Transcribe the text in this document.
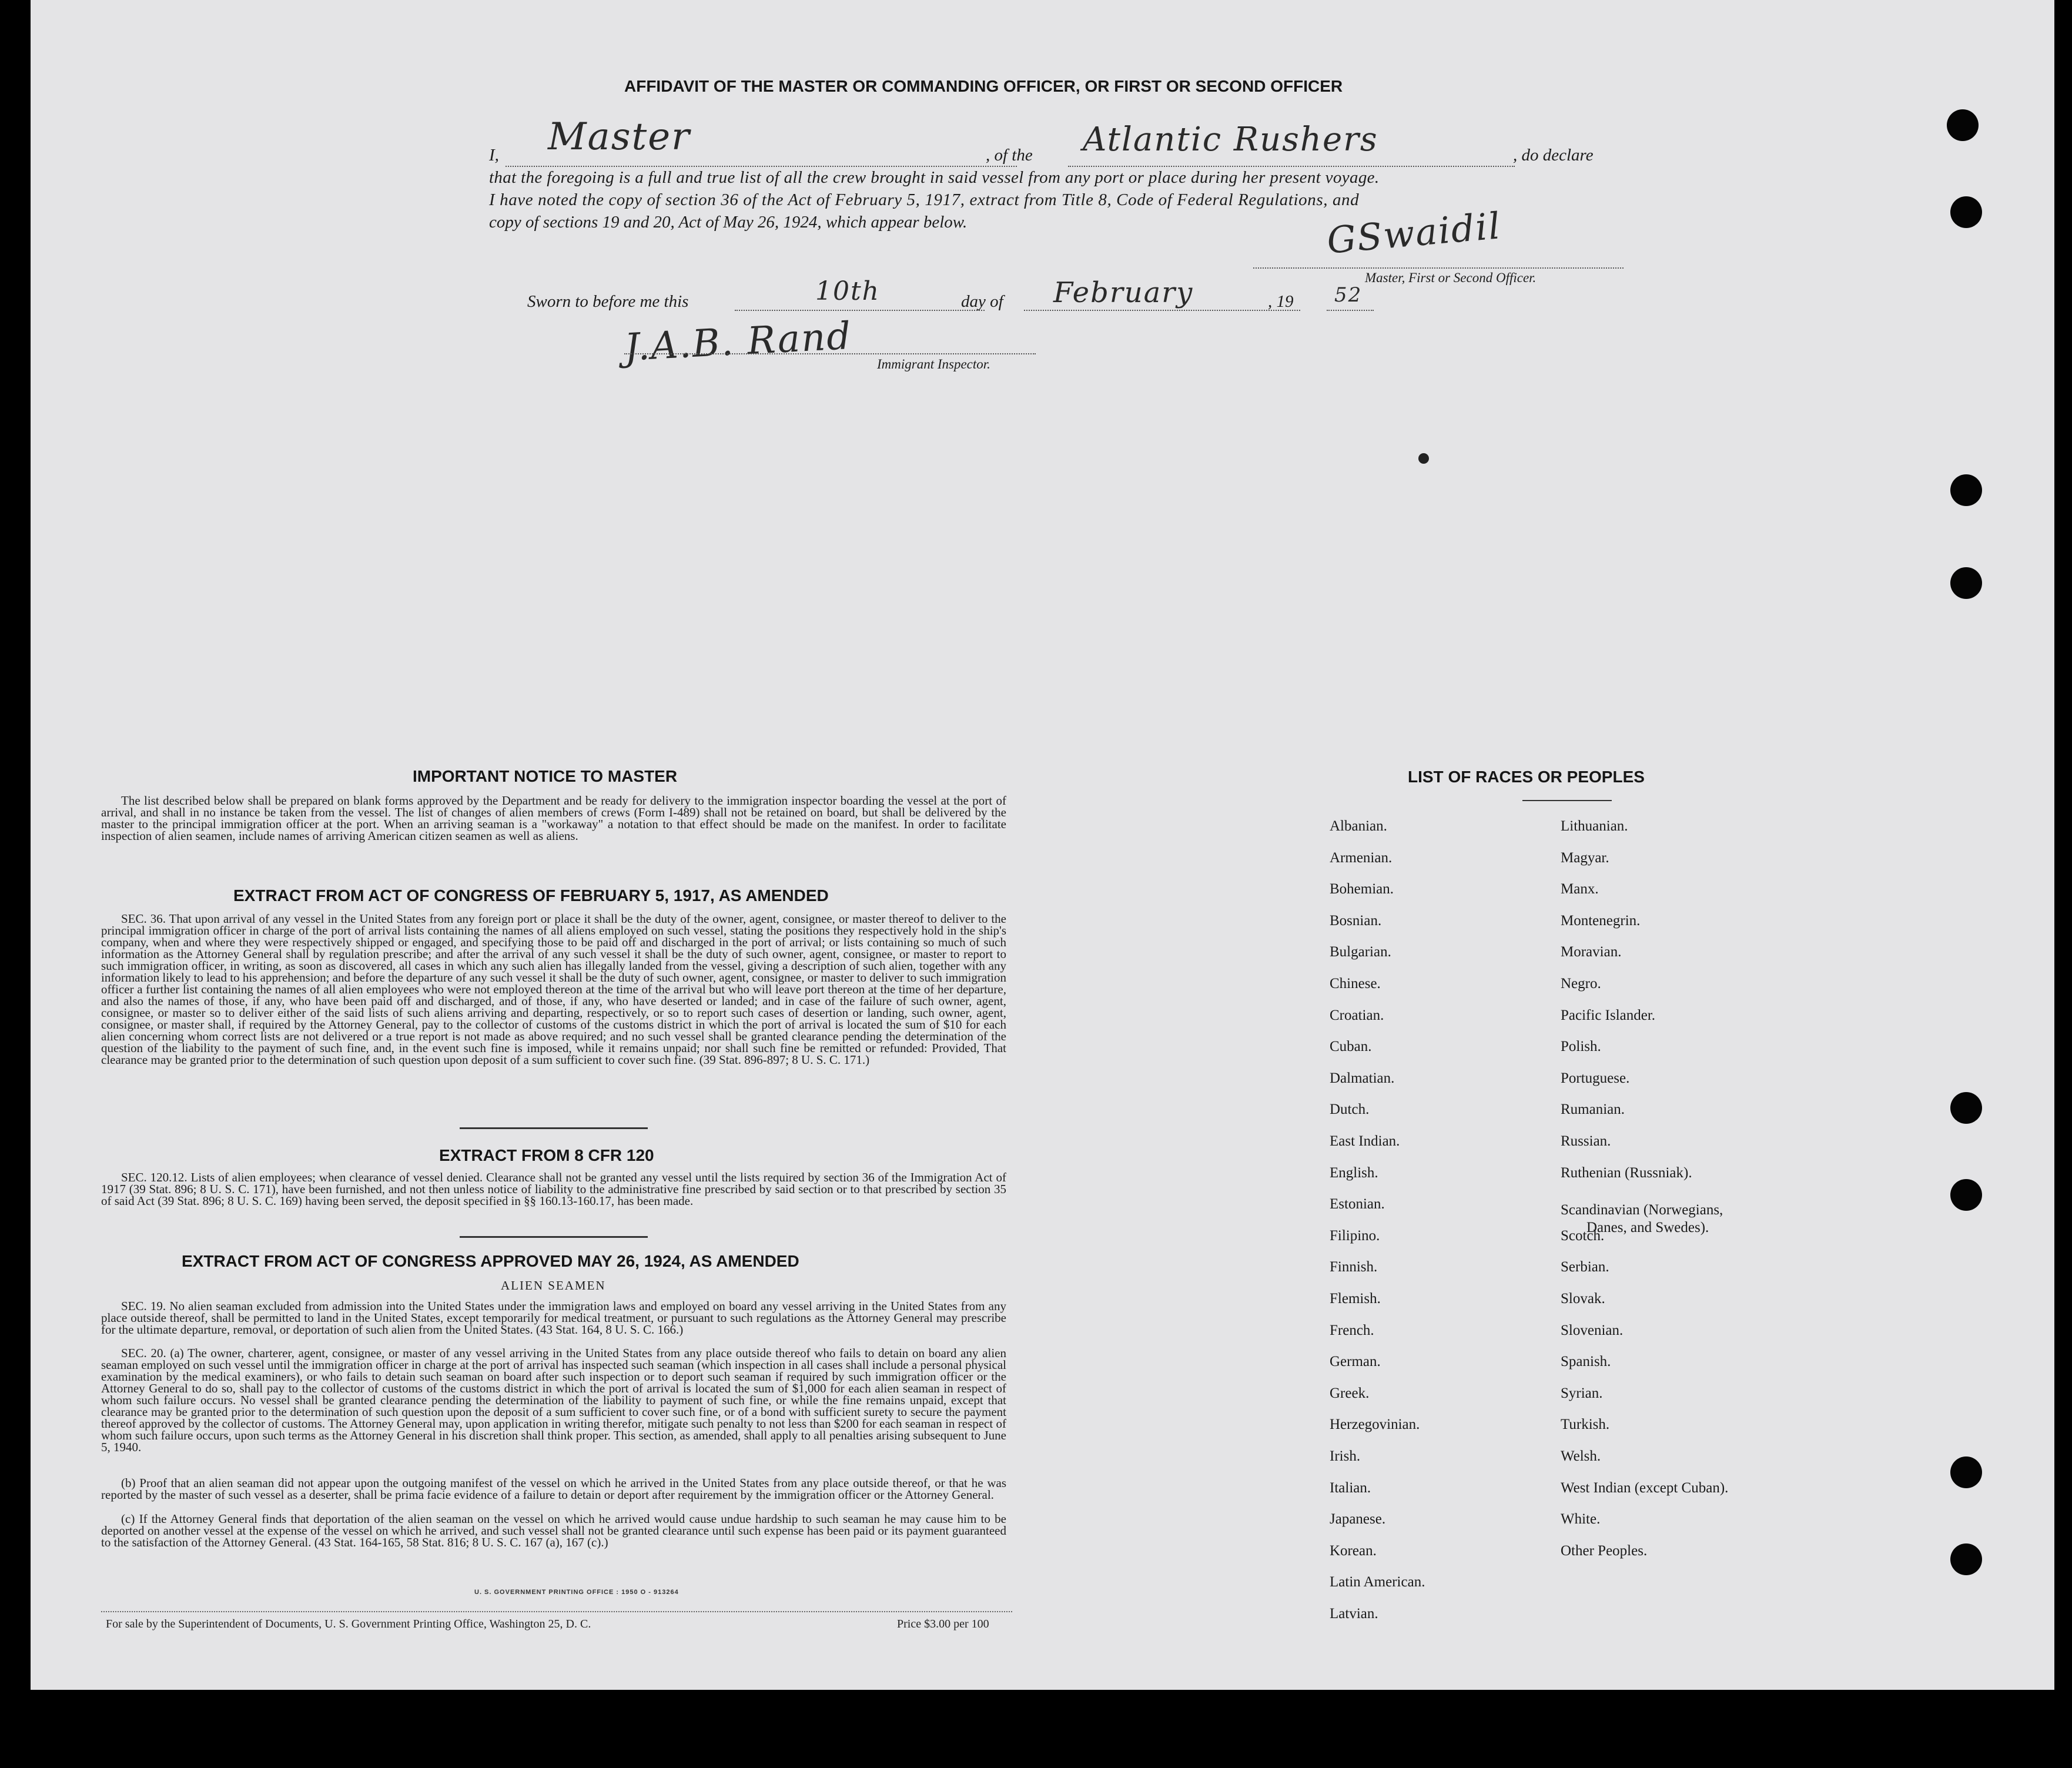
AFFIDAVIT OF THE MASTER OR COMMANDING OFFICER, OR FIRST OR SECOND OFFICER
I, Master	, of the Atlantic Rushers	, do declare
that the foregoing is a full and true list of all the crew brought in said vessel from any port or place during her present voyage.
I have noted the copy of section 36 of the Act of February 5, 1917, extract from Title 8, Code of Federal Regulations, and
copy of sections 19 and 20, Act of May 26, 1924, which appear below.	GSwaidil
Master, First or Second Officer.
Sworn to before me this	10th	day of February	, 19 52
J.A.B. Rand Immigrant Inspector.
IMPORTANT NOTICE TO MASTER
The list described below shall be prepared on blank forms approved by the Department and be ready for delivery to the immigration inspector boarding the vessel at the port of arrival, and shall in no instance be taken from the vessel. The list of changes of alien members of crews (Form I-489) shall not be retained on board, but shall be delivered by the master to the principal immigration officer at the port. When an arriving seaman is a "workaway" a notation to that effect should be made on the manifest. In order to facilitate inspection of alien seamen, include names of arriving American citizen seamen as well as aliens.
EXTRACT FROM ACT OF CONGRESS OF FEBRUARY 5, 1917, AS AMENDED
SEC. 36. That upon arrival of any vessel in the United States from any foreign port or place it shall be the duty of the owner, agent, consignee, or master thereof to deliver to the principal immigration officer in charge of the port of arrival lists containing the names of all aliens employed on such vessel, stating the positions they respectively hold in the ship's company, when and where they were respectively shipped or engaged, and specifying those to be paid off and discharged in the port of arrival; or lists containing so much of such information as the Attorney General shall by regulation prescribe; and after the arrival of any such vessel it shall be the duty of such owner, agent, consignee, or master to report to such immigration officer, in writing, as soon as discovered, all cases in which any such alien has illegally landed from the vessel, giving a description of such alien, together with any information likely to lead to his apprehension; and before the departure of any such vessel it shall be the duty of such owner, agent, consignee, or master to deliver to such immigration officer a further list containing the names of all alien employees who were not employed thereon at the time of the arrival but who will leave port thereon at the time of her departure, and also the names of those, if any, who have been paid off and discharged, and of those, if any, who have deserted or landed; and in case of the failure of such owner, agent, consignee, or master so to deliver either of the said lists of such aliens arriving and departing, respectively, or so to report such cases of desertion or landing, such owner, agent, consignee, or master shall, if required by the Attorney General, pay to the collector of customs of the customs district in which the port of arrival is located the sum of $10 for each alien concerning whom correct lists are not delivered or a true report is not made as above required; and no such vessel shall be granted clearance pending the determination of the question of the liability to the payment of such fine, and, in the event such fine is imposed, while it remains unpaid; nor shall such fine be remitted or refunded: Provided, That clearance may be granted prior to the determination of such question upon deposit of a sum sufficient to cover such fine. (39 Stat. 896-897; 8 U. S. C. 171.)
EXTRACT FROM 8 CFR 120
SEC. 120.12. Lists of alien employees; when clearance of vessel denied. Clearance shall not be granted any vessel until the lists required by section 36 of the Immigration Act of 1917 (39 Stat. 896; 8 U. S. C. 171), have been furnished, and not then unless notice of liability to the administrative fine prescribed by said section or to that prescribed by section 35 of said Act (39 Stat. 896; 8 U. S. C. 169) having been served, the deposit specified in §§ 160.13-160.17, has been made.
EXTRACT FROM ACT OF CONGRESS APPROVED MAY 26, 1924, AS AMENDED
ALIEN SEAMEN
SEC. 19. No alien seaman excluded from admission into the United States under the immigration laws and employed on board any vessel arriving in the United States from any place outside thereof, shall be permitted to land in the United States, except temporarily for medical treatment, or pursuant to such regulations as the Attorney General may prescribe for the ultimate departure, removal, or deportation of such alien from the United States. (43 Stat. 164, 8 U. S. C. 166.)
SEC. 20. (a) The owner, charterer, agent, consignee, or master of any vessel arriving in the United States from any place outside thereof who fails to detain on board any alien seaman employed on such vessel until the immigration officer in charge at the port of arrival has inspected such seaman (which inspection in all cases shall include a personal physical examination by the medical examiners), or who fails to detain such seaman on board after such inspection or to deport such seaman if required by such immigration officer or the Attorney General to do so, shall pay to the collector of customs of the customs district in which the port of arrival is located the sum of $1,000 for each alien seaman in respect of whom such failure occurs. No vessel shall be granted clearance pending the determination of the liability to payment of such fine, or while the fine remains unpaid, except that clearance may be granted prior to the determination of such question upon the deposit of a sum sufficient to cover such fine, or of a bond with sufficient surety to secure the payment thereof approved by the collector of customs. The Attorney General may, upon application in writing therefor, mitigate such penalty to not less than $200 for each seaman in respect of whom such failure occurs, upon such terms as the Attorney General in his discretion shall think proper. This section, as amended, shall apply to all penalties arising subsequent to June 5, 1940.
(b) Proof that an alien seaman did not appear upon the outgoing manifest of the vessel on which he arrived in the United States from any place outside thereof, or that he was reported by the master of such vessel as a deserter, shall be prima facie evidence of a failure to detain or deport after requirement by the immigration officer or the Attorney General.
(c) If the Attorney General finds that deportation of the alien seaman on the vessel on which he arrived would cause undue hardship to such seaman he may cause him to be deported on another vessel at the expense of the vessel on which he arrived, and such vessel shall not be granted clearance until such expense has been paid or its payment guaranteed to the satisfaction of the Attorney General. (43 Stat. 164-165, 58 Stat. 816; 8 U. S. C. 167 (a), 167 (c).)
U. S. GOVERNMENT PRINTING OFFICE : 1950 O - 913264
For sale by the Superintendent of Documents, U. S. Government Printing Office, Washington 25, D. C.	Price $3.00 per 100
LIST OF RACES OR PEOPLES
Albanian.
Armenian.
Bohemian.
Bosnian.
Bulgarian.
Chinese.
Croatian.
Cuban.
Dalmatian.
Dutch.
East Indian.
English.
Estonian.
Filipino.
Finnish.
Flemish.
French.
German.
Greek.
Herzegovinian.
Irish.
Italian.
Japanese.
Korean.
Latin American.
Latvian.
Lithuanian.
Magyar.
Manx.
Montenegrin.
Moravian.
Negro.
Pacific Islander.
Polish.
Portuguese.
Rumanian.
Russian.
Ruthenian (Russniak).
Scandinavian (Norwegians,
Danes, and Swedes).
Scotch.
Serbian.
Slovak.
Slovenian.
Spanish.
Syrian.
Turkish.
Welsh.
West Indian (except Cuban).
White.
Other Peoples.
